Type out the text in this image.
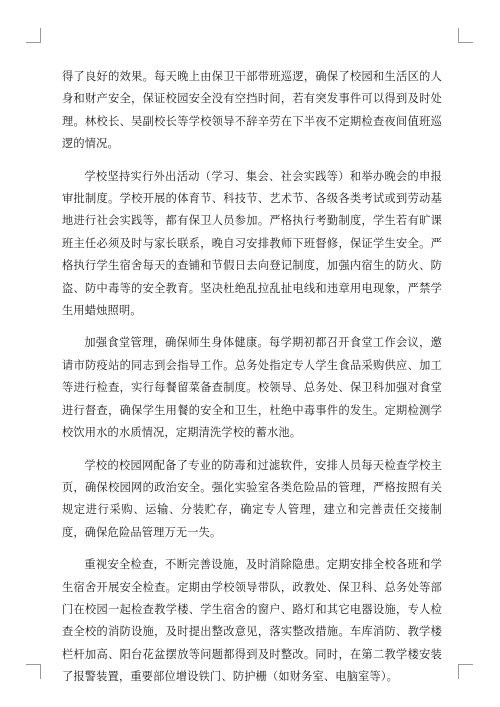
得了良好的效果。每天晚上由保卫干部带班巡逻，确保了校园和生活区的人身和财产安全，保证校园安全没有空挡时间，若有突发事件可以得到及时处理。林校长、吴副校长等学校领导不辞辛劳在下半夜不定期检查夜间值班巡逻的情况。

学校坚持实行外出活动（学习、集会、社会实践等）和举办晚会的申报审批制度。学校开展的体育节、科技节、艺术节、各级各类考试或到劳动基地进行社会实践等，都有保卫人员参加。严格执行考勤制度，学生若有旷课班主任必须及时与家长联系，晚自习安排教师下班督修，保证学生安全。严格执行学生宿舍每天的查铺和节假日去向登记制度，加强内宿生的防火、防盗、防中毒等的安全教育。坚决杜绝乱拉乱扯电线和违章用电现象，严禁学生用蜡烛照明。

加强食堂管理，确保师生身体健康。每学期初都召开食堂工作会议，邀请市防疫站的同志到会指导工作。总务处指定专人学生食品采购供应、加工等进行检查，实行每餐留菜备查制度。校领导、总务处、保卫科加强对食堂进行督查，确保学生用餐的安全和卫生，杜绝中毒事件的发生。定期检测学校饮用水的水质情况，定期清洗学校的蓄水池。

学校的校园网配备了专业的防毒和过滤软件，安排人员每天检查学校主页，确保校园网的政治安全。强化实验室各类危险品的管理，严格按照有关规定进行采购、运输、分装贮存，确定专人管理，建立和完善责任交接制度，确保危险品管理万无一失。

重视安全检查，不断完善设施，及时消除隐患。定期安排全校各班和学生宿舍开展安全检查。定期由学校领导带队，政教处、保卫科、总务处等部门在校园一起检查教学楼、学生宿舍的窗户、路灯和其它电器设施，专人检查全校的消防设施，及时提出整改意见，落实整改措施。车库消防、教学楼栏杆加高、阳台花盆摆放等问题都得到及时整改。同时，在第二教学楼安装了报警装置，重要部位增设铁门、防护栅（如财务室、电脑室等）。
